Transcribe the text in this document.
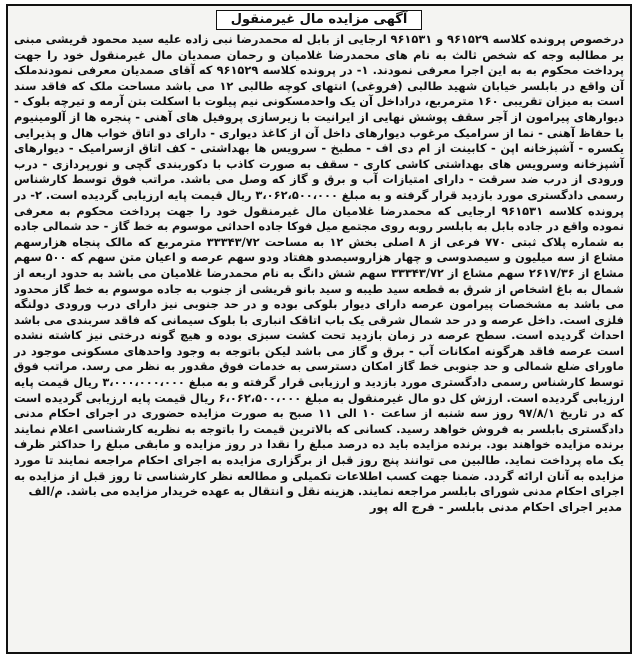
آگهی مزایده مال غیرمنقول
درخصوص پرونده کلاسه ۹۶۱۵۲۹ و ۹۶۱۵۳۱ ارجایی از بابل له محمدرضا نبی زاده علیه سید محمود قریشی مبنی بر مطالبه وجه که شخص ثالث به نام های محمدرضا غلامیان و رحمان صمدیان مال غیرمنقول خود را جهت پرداخت محکوم به به این اجرا معرفی نمودند. ۱- در پرونده کلاسه ۹۶۱۵۲۹ که آقای صمدیان معرفی نمودندملک آن واقع در بابلسر خیابان شهید طالبی (فروغی) انتهای کوچه طالبی ۱۲ می باشد مساحت ملک که فاقد سند است به میزان تقریبی ۱۶۰ مترمربع، دراداخل آن یک واحدمسکونی نیم پیلوت با اسکلت بتن آرمه و تیرچه بلوک - دیوارهای پیرامون از آجر سقف پوشش نهایی از ایرانیت با زیرسازی پروفیل های آهنی - پنجره ها از آلومینیوم با حفاظ آهنی - نما از سرامیک مرغوب دیوارهای داخل آن از کاغذ دیواری - دارای دو اتاق خواب هال و پذیرایی یکسره - آشپزخانه اپن - کابینت از ام دی اف - مطبخ - سرویس ها بهداشتی - کف اتاق ازسرامیک - دیوارهای آشپزخانه وسرویس های بهداشتی کاشی کاری - سقف به صورت کاذب با دکوربندی گچی و نورپردازی - درب ورودی از درب ضد سرقت - دارای امتیازات آب و برق و گاز که وصل می باشد. مراتب فوق توسط کارشناس رسمی دادگستری مورد بازدید قرار گرفته و به مبلغ ۳،۰۶۲،۵۰۰،۰۰۰ ریال قیمت پایه ارزیابی گردیده است. ۲- در پرونده کلاسه ۹۶۱۵۳۱ ارجایی که محمدرضا غلامیان مال غیرمنقول خود را جهت پرداخت محکوم به معرفی نموده واقع در جاده بابل به بابلسر روبه روی مجتمع میل فوکا جاده احداثی موسوم به خط گاز - حد شمالی جاده به شماره پلاک ثبتی ۷۷۰ فرعی از ۸ اصلی بخش ۱۲ به مساحت ۳۳۳۴۳/۷۲ مترمربع که مالک پنجاه هزارسهم مشاع از سه میلیون و سیصدوسی و چهار هزاروسیصدو هفتاد ودو سهم عرصه و اعیان متن سهم که ۵۰۰ سهم مشاع از ۲۶۱۷/۳۶ سهم مشاع از ۳۳۳۴۳/۷۲ سهم شش دانگ به نام محمدرضا غلامیان می باشد به حدود اربعه از شمال به باغ اشخاص از شرق به قطعه سید طیبه و سید بانو قریشی از جنوب به جاده موسوم به خط گاز محدود می باشد به مشخصات پیرامون عرصه دارای دیوار بلوکی بوده و در حد جنوبی نیز دارای درب ورودی دولنگه فلزی است. داخل عرصه و در حد شمال شرقی یک باب اتاقک انباری با بلوک سیمانی که فاقد سربندی می باشد احداث گردیده است. سطح عرصه در زمان بازدید تحت کشت سبزی بوده و هیچ گونه درختی نیز کاشته نشده است عرصه فاقد هرگونه امکانات آب - برق و گاز می باشد لیکن باتوجه به وجود واحدهای مسکونی موجود در ماورای ضلع شمالی و حد جنوبی خط گاز امکان دسترسی به خدمات فوق مقدور به نظر می رسد. مراتب فوق توسط کارشناس رسمی دادگستری مورد بازدید و ارزیابی قرار گرفته و به مبلغ ۳،۰۰۰،۰۰۰،۰۰۰ ریال قیمت پایه ارزیابی گردیده است. ارزش کل دو مال غیرمنقول به مبلغ ۶،۰۶۲،۵۰۰،۰۰۰ ریال قیمت پایه ارزیابی گردیده است که در تاریخ ۹۷/۸/۱ روز سه شنبه از ساعت ۱۰ الی ۱۱ صبح به صورت مزایده حضوری در اجرای احکام مدنی دادگستری بابلسر به فروش خواهد رسید. کسانی که بالاترین قیمت را باتوجه به نظریه کارشناسی اعلام نمایند برنده مزایده خواهند بود. برنده مزایده باید ده درصد مبلغ را نقدا در روز مزایده و مابقی مبلغ را حداکثر ظرف یک ماه پرداخت نماید. طالبین می توانند پنج روز قبل از برگزاری مزایده به اجرای احکام مراجعه نمایند تا مورد مزایده به آنان ارائه گردد. ضمنا جهت کسب اطلاعات تکمیلی و مطالعه نظر کارشناسی تا روز قبل از مزایده به اجرای احکام مدنی شورای بابلسر مراجعه نمایند. هزینه نقل و انتقال به عهده خریدار مزایده می باشد. م/الف
مدیر اجرای احکام مدنی بابلسر - فرج اله پور
